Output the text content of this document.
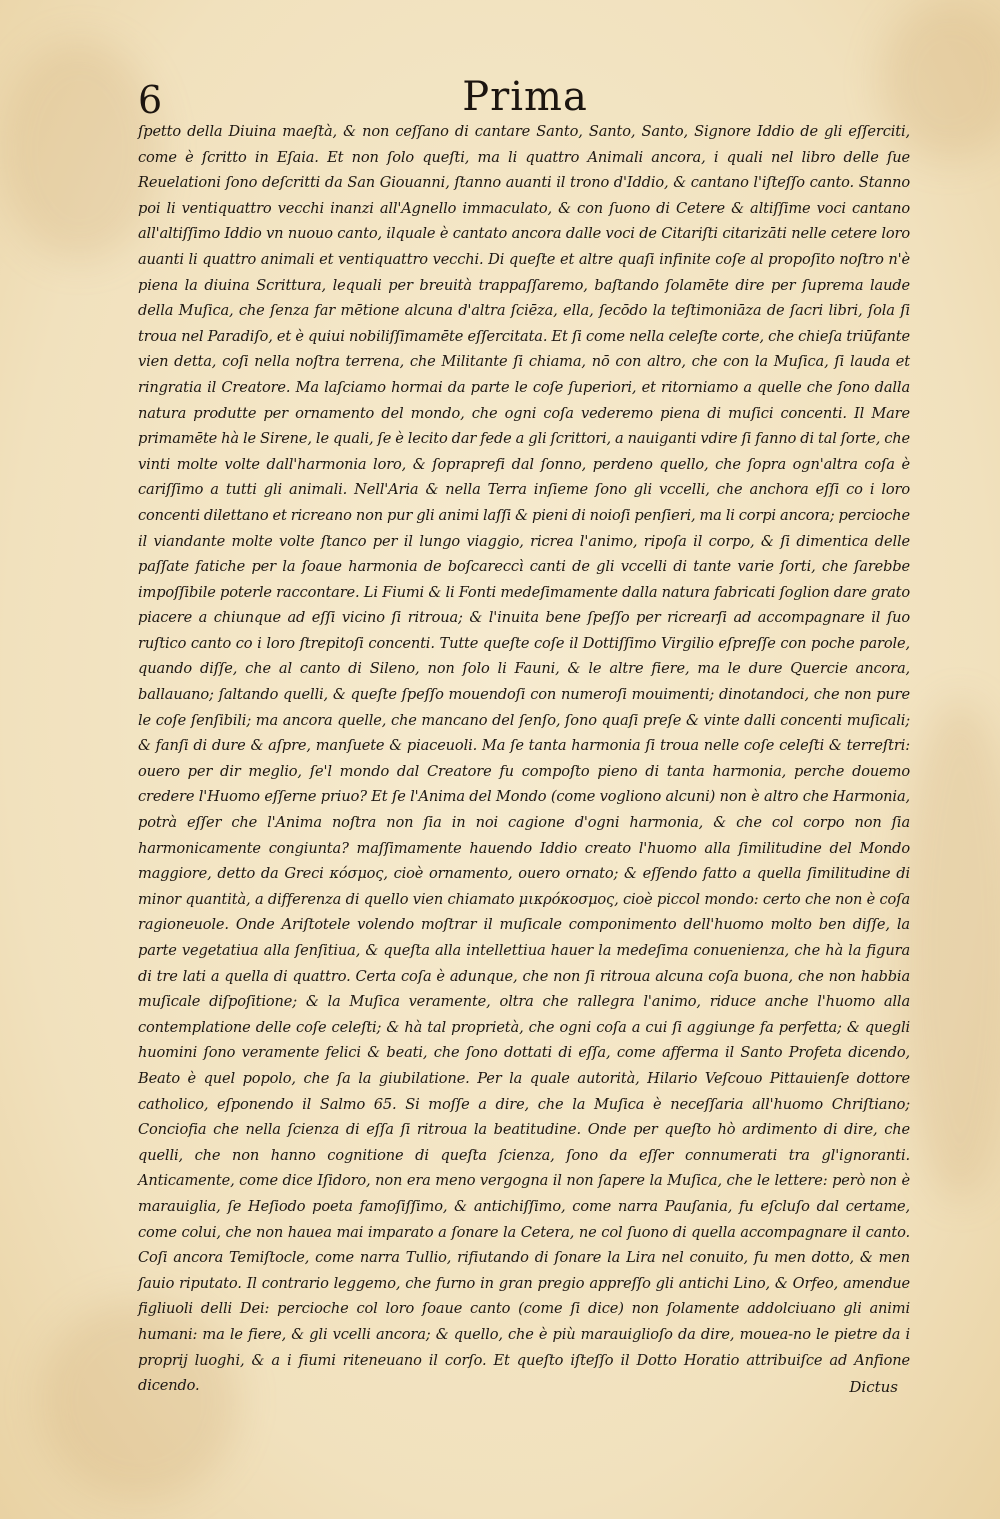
6	Prima

ſpetto della Diuina maeſtà, & non ceſſano di cantare Santo, Santo, Santo, Signore Iddio de gli eſſerciti, come è ſcritto in Eſaia. Et non ſolo queſti, ma li quattro Animali ancora, i quali nel libro delle ſue Reuelationi ſono deſcritti da San Giouanni, ſtanno auanti il trono d'Iddio, & cantano l'iſteſſo canto. Stanno poi li ventiquattro vecchi inanzi all'Agnello immaculato, & con ſuono di Cetere & altiſſime voci cantano all'altiſſimo Iddio vn nuouo canto, ilquale è cantato ancora dalle voci de Citariſti citarizāti nelle cetere loro auanti li quattro animali et ventiquattro vecchi. Di queſte et altre quaſi infinite coſe al propoſito noſtro n'è piena la diuina Scrittura, lequali per breuità trappaſſaremo, baſtando ſolamēte dire per ſuprema laude della Muſica, che ſenza far mētione alcuna d'altra ſciēza, ella, ſecōdo la teſtimoniāza de ſacri libri, ſola ſi troua nel Paradiſo, et è quiui nobiliſſimamēte eſſercitata. Et ſi come nella celeſte corte, che chieſa triūfante vien detta, coſi nella noſtra terrena, che Militante ſi chiama, nō con altro, che con la Muſica, ſi lauda et ringratia il Creatore. Ma laſciamo hormai da parte le coſe ſuperiori, et ritorniamo a quelle che ſono dalla natura produtte per ornamento del mondo, che ogni coſa vederemo piena di muſici concenti. Il Mare primamēte hà le Sirene, le quali, ſe è lecito dar fede a gli ſcrittori, a nauiganti vdire ſi fanno di tal ſorte, che vinti molte volte dall'harmonia loro, & ſopraprefi dal ſonno, perdeno quello, che ſopra ogn'altra coſa è cariſſimo a tutti gli animali. Nell'Aria & nella Terra inſieme ſono gli vccelli, che anchora eſſi co i loro concenti dilettano et ricreano non pur gli animi laſſi & pieni di noioſi penſieri, ma li corpi ancora; percioche il viandante molte volte ſtanco per il lungo viaggio, ricrea l'animo, ripoſa il corpo, & ſi dimentica delle paſſate fatiche per la ſoaue harmonia de boſcareccì canti de gli vccelli di tante varie ſorti, che ſarebbe impoſſibile poterle raccontare. Li Fiumi & li Fonti medeſimamente dalla natura fabricati ſoglion dare grato piacere a chiunque ad eſſi vicino ſi ritroua; & l'inuita bene ſpeſſo per ricrearſi ad accompagnare il ſuo ruſtico canto co i loro ſtrepitoſi concenti. Tutte queſte coſe il Dottiſſimo Virgilio eſpreſſe con poche parole, quando diſſe, che al canto di Sileno, non ſolo li Fauni, & le altre fiere, ma le dure Quercie ancora, ballauano; ſaltando quelli, & queſte ſpeſſo mouendoſi con numeroſi mouimenti; dinotandoci, che non pure le coſe ſenſibili; ma ancora quelle, che mancano del ſenſo, ſono quaſi preſe & vinte dalli concenti muſicali; & fanſi di dure & aſpre, manſuete & piaceuoli. Ma ſe tanta harmonia ſi troua nelle coſe celeſti & terreſtri: ouero per dir meglio, ſe'l mondo dal Creatore fu compoſto pieno di tanta harmonia, perche douemo credere l'Huomo eſſerne priuo? Et ſe l'Anima del Mondo (come vogliono alcuni) non è altro che Harmonia, potrà eſſer che l'Anima noſtra non ſia in noi cagione d'ogni harmonia, & che col corpo non ſia harmonicamente congiunta? maſſimamente hauendo Iddio creato l'huomo alla ſimilitudine del Mondo maggiore, detto da Greci κόσμος, cioè ornamento, ouero ornato; & eſſendo fatto a quella ſimilitudine di minor quantità, a differenza di quello vien chiamato μικρόκοσμος, cioè piccol mondo: certo che non è coſa ragioneuole. Onde Ariſtotele volendo moſtrar il muſicale componimento dell'huomo molto ben diſſe, la parte vegetatiua alla ſenſitiua, & queſta alla intellettiua hauer la medeſima conuenienza, che hà la figura di tre lati a quella di quattro. Certa coſa è adunque, che non ſi ritroua alcuna coſa buona, che non habbia muſicale diſpoſitione; & la Muſica veramente, oltra che rallegra l'animo, riduce anche l'huomo alla contemplatione delle coſe celeſti; & hà tal proprietà, che ogni coſa a cui ſi aggiunge fa perfetta; & quegli huomini ſono veramente felici & beati, che ſono dottati di eſſa, come afferma il Santo Profeta dicendo, Beato è quel popolo, che ſa la giubilatione. Per la quale autorità, Hilario Veſcouo Pittauienſe dottore catholico, eſponendo il Salmo 65. Si moſſe a dire, che la Muſica è neceſſaria all'huomo Chriſtiano; Conciofia che nella ſcienza di eſſa ſi ritroua la beatitudine. Onde per queſto hò ardimento di dire, che quelli, che non hanno cognitione di queſta ſcienza, ſono da eſſer connumerati tra gl'ignoranti. Anticamente, come dice Iſidoro, non era meno vergogna il non ſapere la Muſica, che le lettere: però non è marauiglia, ſe Heſiodo poeta famoſiſſimo, & antichiſſimo, come narra Pauſania, fu eſcluſo dal certame, come colui, che non hauea mai imparato a ſonare la Cetera, ne col ſuono di quella accompagnare il canto. Coſi ancora Temiſtocle, come narra Tullio, rifiutando di ſonare la Lira nel conuito, fu men dotto, & men ſauio riputato. Il contrario leggemo, che furno in gran pregio appreſſo gli antichi Lino, & Orfeo, amendue figliuoli delli Dei: percioche col loro ſoaue canto (come ſi dice) non ſolamente addolciuano gli animi humani: ma le fiere, & gli vcelli ancora; & quello, che è più marauiglioſo da dire, mouea-no le pietre da i proprij luoghi, & a i fiumi riteneuano il corſo. Et queſto iſteſſo il Dotto Horatio attribuiſce ad Anfione dicendo.	Dictus
